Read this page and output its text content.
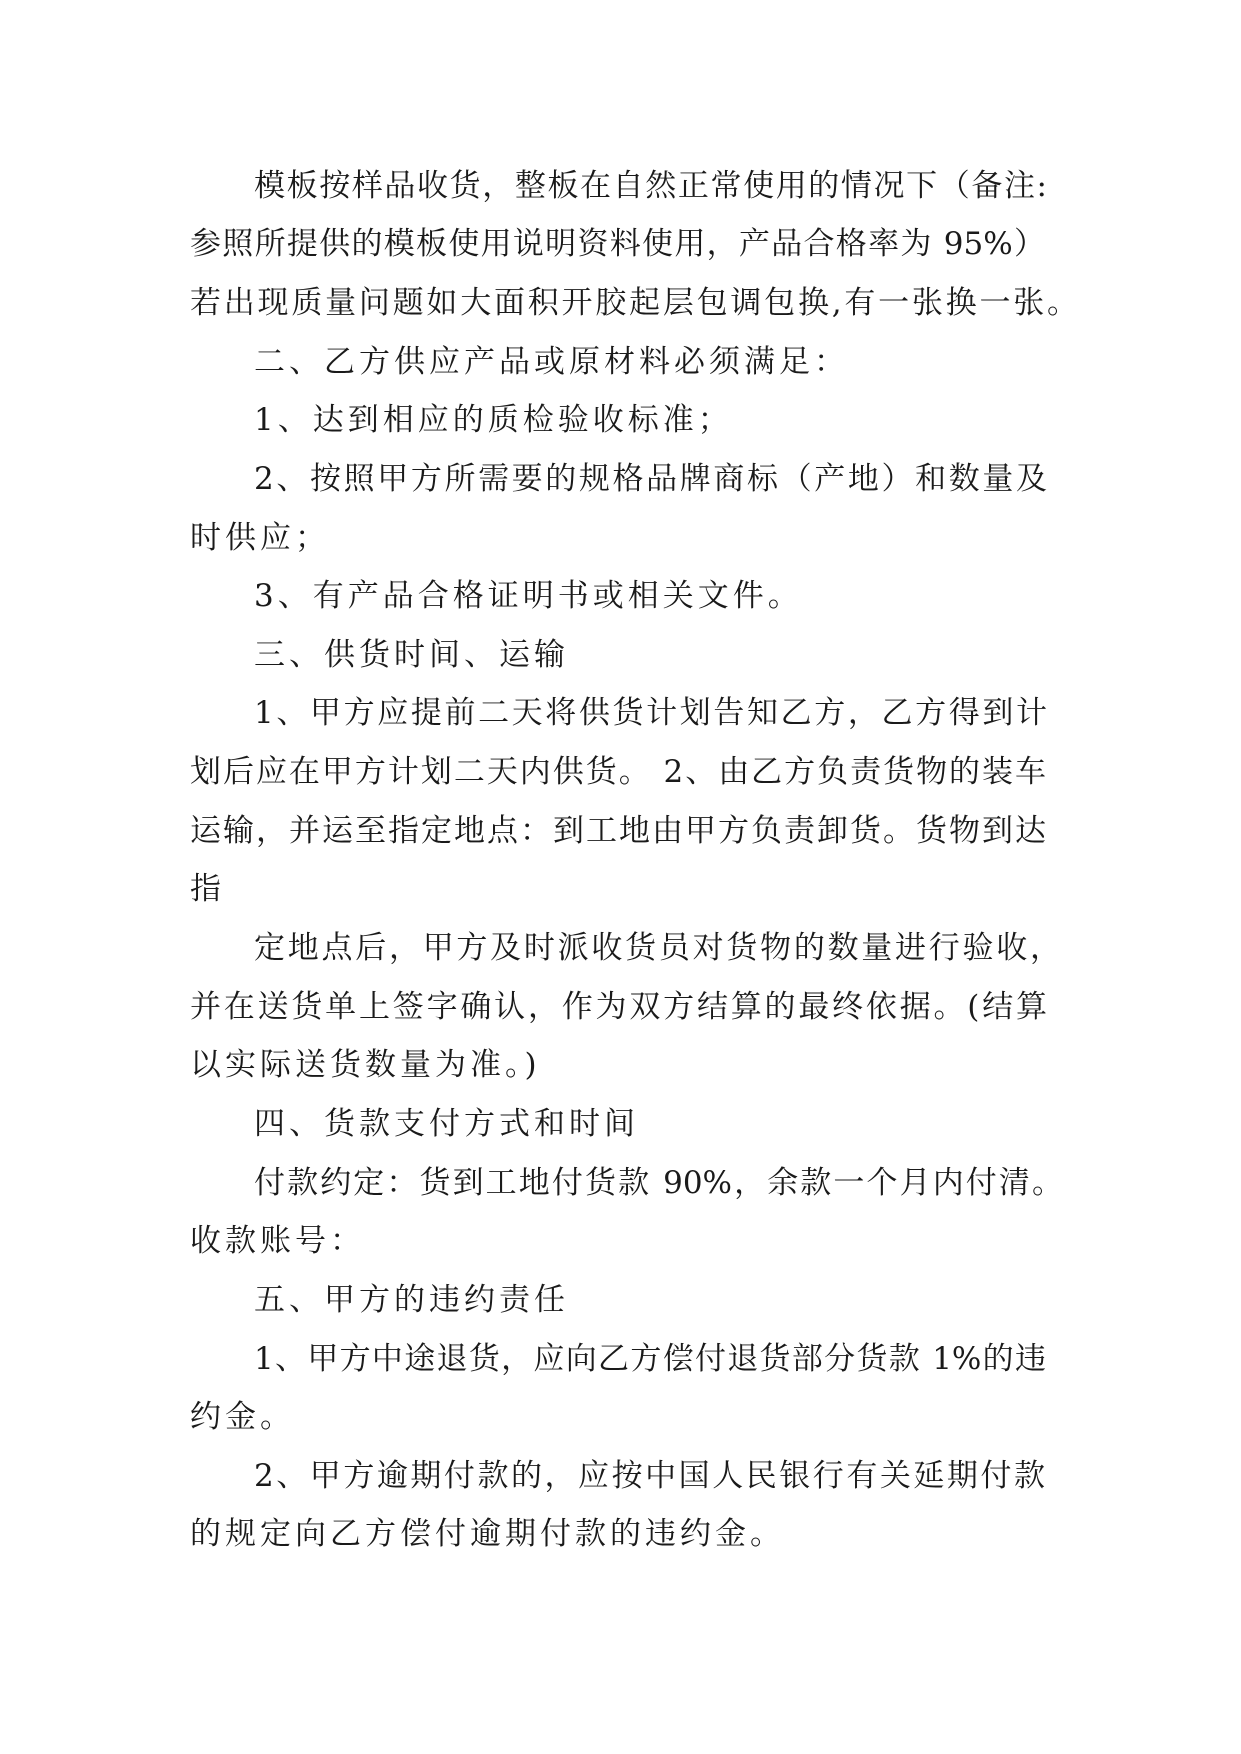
模板按样品收货，整板在自然正常使用的情况下（备注:

参照所提供的模板使用说明资料使用，产品合格率为 95%）

若出现质量问题如大面积开胶起层包调包换,有一张换一张。

二、乙方供应产品或原材料必须满足：

1、达到相应的质检验收标准；

2、按照甲方所需要的规格品牌商标（产地）和数量及

时供应；

3、有产品合格证明书或相关文件。

三、供货时间、运输

1、甲方应提前二天将供货计划告知乙方，乙方得到计

划后应在甲方计划二天内供货。 2、由乙方负责货物的装车

运输，并运至指定地点：到工地由甲方负责卸货。货物到达

指

定地点后，甲方及时派收货员对货物的数量进行验收，

并在送货单上签字确认，作为双方结算的最终依据。(结算

以实际送货数量为准。)

四、货款支付方式和时间

付款约定：货到工地付货款 90%，余款一个月内付清。

收款账号：

五、甲方的违约责任

1、甲方中途退货，应向乙方偿付退货部分货款 1%的违

约金。

2、甲方逾期付款的，应按中国人民银行有关延期付款

的规定向乙方偿付逾期付款的违约金。
